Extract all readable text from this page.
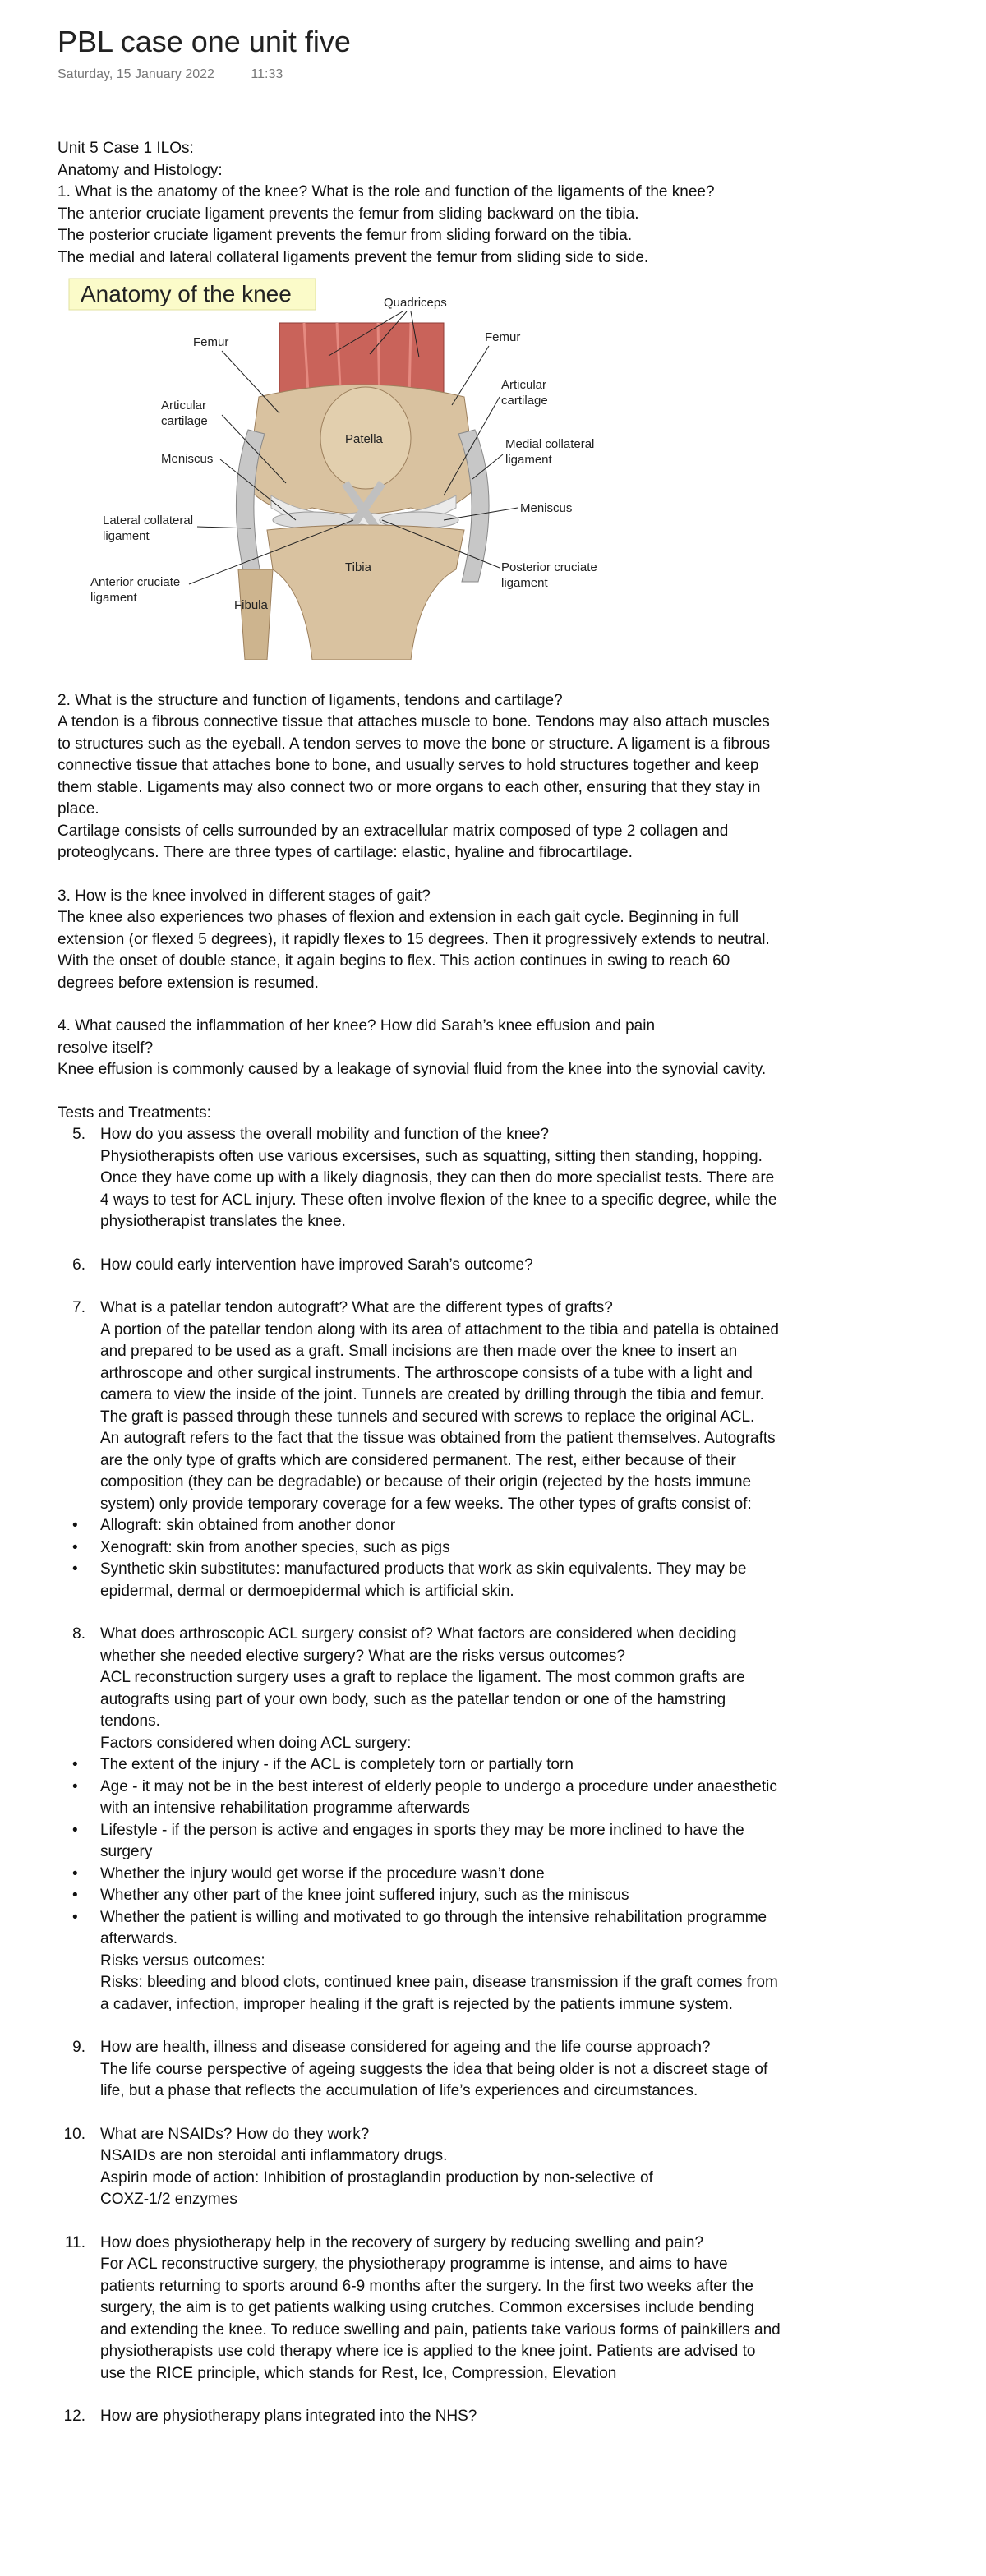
PBL case one unit five
Saturday, 15 January 2022	11:33

Unit 5 Case 1 ILOs:

Anatomy and Histology:

1. What is the anatomy of the knee? What is the role and function of the ligaments of the knee?

The anterior cruciate ligament prevents the femur from sliding backward on the tibia.

The posterior cruciate ligament prevents the femur from sliding forward on the tibia.

The medial and lateral collateral ligaments prevent the femur from sliding side to side.

Anatomy of the knee	Quadriceps
Femur	Femur
Articular
cartilage
Articular
cartilage
Patella
Meniscus
Medial collateral
ligament
Meniscus
Lateral collateral
ligament
Anterior cruciate
ligament
Tibia	Posterior cruciate
ligament
Fibula

2. What is the structure and function of ligaments, tendons and cartilage?

A tendon is a fibrous connective tissue that attaches muscle to bone. Tendons may also attach muscles to structures such as the eyeball. A tendon serves to move the bone or structure. A ligament is a fibrous connective tissue that attaches bone to bone, and usually serves to hold structures together and keep them stable. Ligaments may also connect two or more organs to each other, ensuring that they stay in place.

Cartilage consists of cells surrounded by an extracellular matrix composed of type 2 collagen and proteoglycans. There are three types of cartilage: elastic, hyaline and fibrocartilage.

3. How is the knee involved in different stages of gait?

The knee also experiences two phases of flexion and extension in each gait cycle. Beginning in full extension (or flexed 5 degrees), it rapidly flexes to 15 degrees. Then it progressively extends to neutral. With the onset of double stance, it again begins to flex. This action continues in swing to reach 60 degrees before extension is resumed.

4. What caused the inflammation of her knee? How did Sarah’s knee effusion and pain

resolve itself?

Knee effusion is commonly caused by a leakage of synovial fluid from the knee into the synovial cavity.

Tests and Treatments:

5. How do you assess the overall mobility and function of the knee?

Physiotherapists often use various excersises, such as squatting, sitting then standing, hopping. Once they have come up with a likely diagnosis, they can then do more specialist tests. There are 4 ways to test for ACL injury. These often involve flexion of the knee to a specific degree, while the physiotherapist translates the knee.

6. How could early intervention have improved Sarah’s outcome?

7. What is a patellar tendon autograft? What are the different types of grafts?

A portion of the patellar tendon along with its area of attachment to the tibia and patella is obtained and prepared to be used as a graft. Small incisions are then made over the knee to insert an arthroscope and other surgical instruments. The arthroscope consists of a tube with a light and camera to view the inside of the joint. Tunnels are created by drilling through the tibia and femur. The graft is passed through these tunnels and secured with screws to replace the original ACL.

An autograft refers to the fact that the tissue was obtained from the patient themselves. Autografts are the only type of grafts which are considered permanent. The rest, either because of their composition (they can be degradable) or because of their origin (rejected by the hosts immune system) only provide temporary coverage for a few weeks. The other types of grafts consist of:

• Allograft: skin obtained from another donor
• Xenograft: skin from another species, such as pigs
• Synthetic skin substitutes: manufactured products that work as skin equivalents. They may be epidermal, dermal or dermoepidermal which is artificial skin.
8. What does arthroscopic ACL surgery consist of? What factors are considered when deciding whether she needed elective surgery? What are the risks versus outcomes?

ACL reconstruction surgery uses a graft to replace the ligament. The most common grafts are autografts using part of your own body, such as the patellar tendon or one of the hamstring tendons.

Factors considered when doing ACL surgery:

• The extent of the injury - if the ACL is completely torn or partially torn
• Age - it may not be in the best interest of elderly people to undergo a procedure under anaesthetic with an intensive rehabilitation programme afterwards
• Lifestyle - if the person is active and engages in sports they may be more inclined to have the surgery
• Whether the injury would get worse if the procedure wasn’t done
• Whether any other part of the knee joint suffered injury, such as the miniscus
• Whether the patient is willing and motivated to go through the intensive rehabilitation programme afterwards.

Risks versus outcomes:

Risks: bleeding and blood clots, continued knee pain, disease transmission if the graft comes from a cadaver, infection, improper healing if the graft is rejected by the patients immune system.

9. How are health, illness and disease considered for ageing and the life course approach?

The life course perspective of ageing suggests the idea that being older is not a discreet stage of life, but a phase that reflects the accumulation of life’s experiences and circumstances.

10. What are NSAIDs? How do they work?

NSAIDs are non steroidal anti inflammatory drugs.

Aspirin mode of action: Inhibition of prostaglandin production by non-selective of

COXZ-1/2 enzymes

11. How does physiotherapy help in the recovery of surgery by reducing swelling and pain?

For ACL reconstructive surgery, the physiotherapy programme is intense, and aims to have patients returning to sports around 6-9 months after the surgery. In the first two weeks after the surgery, the aim is to get patients walking using crutches. Common excersises include bending and extending the knee. To reduce swelling and pain, patients take various forms of painkillers and physiotherapists use cold therapy where ice is applied to the knee joint. Patients are advised to use the RICE principle, which stands for Rest, Ice, Compression, Elevation

12. How are physiotherapy plans integrated into the NHS?
